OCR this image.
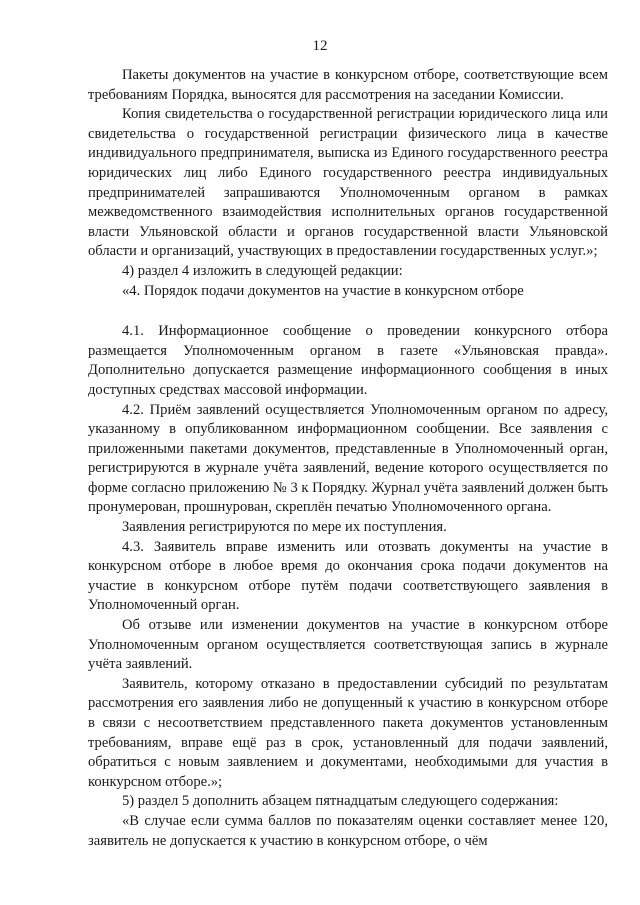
12

Пакеты документов на участие в конкурсном отборе, соответствующие всем требованиям Порядка, выносятся для рассмотрения на заседании Комиссии.

Копия свидетельства о государственной регистрации юридического лица или свидетельства о государственной регистрации физического лица в качестве индивидуального предпринимателя, выписка из Единого государственного реестра юридических лиц либо Единого государственного реестра индивидуальных предпринимателей запрашиваются Уполномоченным органом в рамках межведомственного взаимодействия исполнительных органов государственной власти Ульяновской области и органов государственной власти Ульяновской области и организаций, участвующих в предоставлении государственных услуг.»;

4) раздел 4 изложить в следующей редакции:

«4. Порядок подачи документов на участие в конкурсном отборе

4.1. Информационное сообщение о проведении конкурсного отбора размещается Уполномоченным органом в газете «Ульяновская правда». Дополнительно допускается размещение информационного сообщения в иных доступных средствах массовой информации.

4.2. Приём заявлений осуществляется Уполномоченным органом по адресу, указанному в опубликованном информационном сообщении. Все заявления с приложенными пакетами документов, представленные в Уполномоченный орган, регистрируются в журнале учёта заявлений, ведение которого осуществляется по форме согласно приложению № 3 к Порядку. Журнал учёта заявлений должен быть пронумерован, прошнурован, скреплён печатью Уполномоченного органа.

Заявления регистрируются по мере их поступления.

4.3. Заявитель вправе изменить или отозвать документы на участие в конкурсном отборе в любое время до окончания срока подачи документов на участие в конкурсном отборе путём подачи соответствующего заявления в Уполномоченный орган.

Об отзыве или изменении документов на участие в конкурсном отборе Уполномоченным органом осуществляется соответствующая запись в журнале учёта заявлений.

Заявитель, которому отказано в предоставлении субсидий по результатам рассмотрения его заявления либо не допущенный к участию в конкурсном отборе в связи с несоответствием представленного пакета документов установленным требованиям, вправе ещё раз в срок, установленный для подачи заявлений, обратиться с новым заявлением и документами, необходимыми для участия в конкурсном отборе.»;

5) раздел 5 дополнить абзацем пятнадцатым следующего содержания:

«В случае если сумма баллов по показателям оценки составляет менее 120, заявитель не допускается к участию в конкурсном отборе, о чём
